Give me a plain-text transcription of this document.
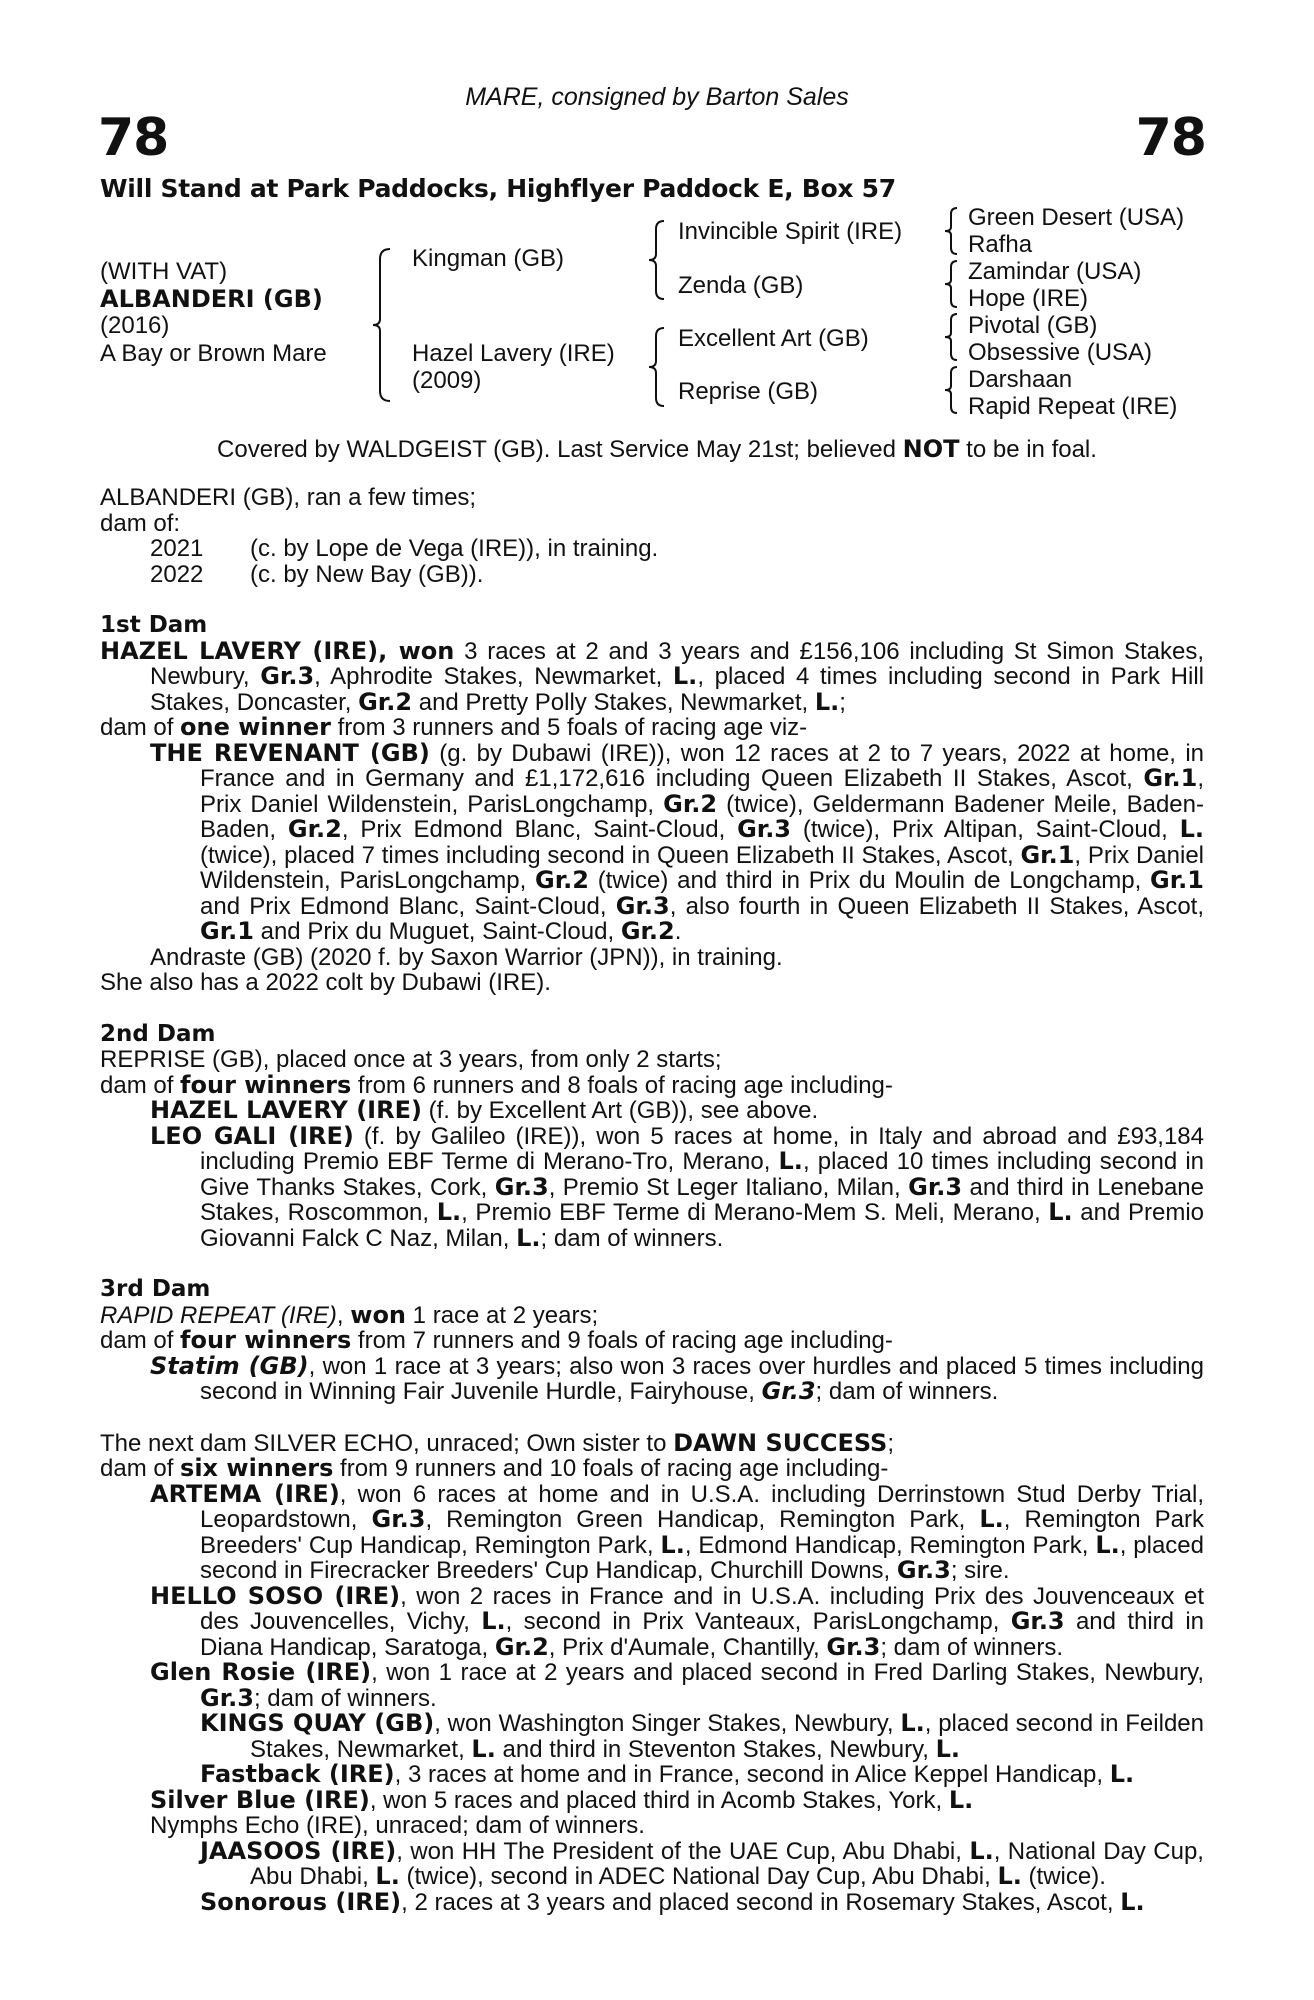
MARE, consigned by Barton Sales
78	78
Will Stand at Park Paddocks, Highflyer Paddock E, Box 57
(WITH VAT)
ALBANDERI (GB)
(2016)
A Bay or Brown Mare
Kingman (GB)
Hazel Lavery (IRE)
(2009)
Invincible Spirit (IRE)
Zenda (GB)
Excellent Art (GB)
Reprise (GB)
Green Desert (USA)
Rafha
Zamindar (USA)
Hope (IRE)
Pivotal (GB)
Obsessive (USA)
Darshaan
Rapid Repeat (IRE)
Covered by WALDGEIST (GB). Last Service May 21st; believed NOT to be in foal.

ALBANDERI (GB), ran a few times;

dam of:

2021	(c. by Lope de Vega (IRE)), in training.
2022	(c. by New Bay (GB)).

1st Dam

HAZEL LAVERY (IRE), won 3 races at 2 and 3 years and £156,106 including St Simon Stakes, Newbury, Gr.3, Aphrodite Stakes, Newmarket, L., placed 4 times including second in Park Hill Stakes, Doncaster, Gr.2 and Pretty Polly Stakes, Newmarket, L.;

dam of one winner from 3 runners and 5 foals of racing age viz-

THE REVENANT (GB) (g. by Dubawi (IRE)), won 12 races at 2 to 7 years, 2022 at home, in France and in Germany and £1,172,616 including Queen Elizabeth II Stakes, Ascot, Gr.1, Prix Daniel Wildenstein, ParisLongchamp, Gr.2 (twice), Geldermann Badener Meile, Baden-Baden, Gr.2, Prix Edmond Blanc, Saint-Cloud, Gr.3 (twice), Prix Altipan, Saint-Cloud, L. (twice), placed 7 times including second in Queen Elizabeth II Stakes, Ascot, Gr.1, Prix Daniel Wildenstein, ParisLongchamp, Gr.2 (twice) and third in Prix du Moulin de Longchamp, Gr.1 and Prix Edmond Blanc, Saint-Cloud, Gr.3, also fourth in Queen Elizabeth II Stakes, Ascot, Gr.1 and Prix du Muguet, Saint-Cloud, Gr.2.

Andraste (GB) (2020 f. by Saxon Warrior (JPN)), in training.

She also has a 2022 colt by Dubawi (IRE).

2nd Dam

REPRISE (GB), placed once at 3 years, from only 2 starts;

dam of four winners from 6 runners and 8 foals of racing age including-

HAZEL LAVERY (IRE) (f. by Excellent Art (GB)), see above.

LEO GALI (IRE) (f. by Galileo (IRE)), won 5 races at home, in Italy and abroad and £93,184 including Premio EBF Terme di Merano-Tro, Merano, L., placed 10 times including second in Give Thanks Stakes, Cork, Gr.3, Premio St Leger Italiano, Milan, Gr.3 and third in Lenebane Stakes, Roscommon, L., Premio EBF Terme di Merano-Mem S. Meli, Merano, L. and Premio Giovanni Falck C Naz, Milan, L.; dam of winners.

3rd Dam

RAPID REPEAT (IRE), won 1 race at 2 years;

dam of four winners from 7 runners and 9 foals of racing age including-

Statim (GB), won 1 race at 3 years; also won 3 races over hurdles and placed 5 times including second in Winning Fair Juvenile Hurdle, Fairyhouse, Gr.3; dam of winners.

The next dam SILVER ECHO, unraced; Own sister to DAWN SUCCESS;

dam of six winners from 9 runners and 10 foals of racing age including-

ARTEMA (IRE), won 6 races at home and in U.S.A. including Derrinstown Stud Derby Trial, Leopardstown, Gr.3, Remington Green Handicap, Remington Park, L., Remington Park Breeders' Cup Handicap, Remington Park, L., Edmond Handicap, Remington Park, L., placed second in Firecracker Breeders' Cup Handicap, Churchill Downs, Gr.3; sire.

HELLO SOSO (IRE), won 2 races in France and in U.S.A. including Prix des Jouvenceaux et des Jouvencelles, Vichy, L., second in Prix Vanteaux, ParisLongchamp, Gr.3 and third in Diana Handicap, Saratoga, Gr.2, Prix d'Aumale, Chantilly, Gr.3; dam of winners.

Glen Rosie (IRE), won 1 race at 2 years and placed second in Fred Darling Stakes, Newbury, Gr.3; dam of winners.

KINGS QUAY (GB), won Washington Singer Stakes, Newbury, L., placed second in Feilden Stakes, Newmarket, L. and third in Steventon Stakes, Newbury, L.

Fastback (IRE), 3 races at home and in France, second in Alice Keppel Handicap, L.

Silver Blue (IRE), won 5 races and placed third in Acomb Stakes, York, L.

Nymphs Echo (IRE), unraced; dam of winners.

JAASOOS (IRE), won HH The President of the UAE Cup, Abu Dhabi, L., National Day Cup, Abu Dhabi, L. (twice), second in ADEC National Day Cup, Abu Dhabi, L. (twice).

Sonorous (IRE), 2 races at 3 years and placed second in Rosemary Stakes, Ascot, L.
